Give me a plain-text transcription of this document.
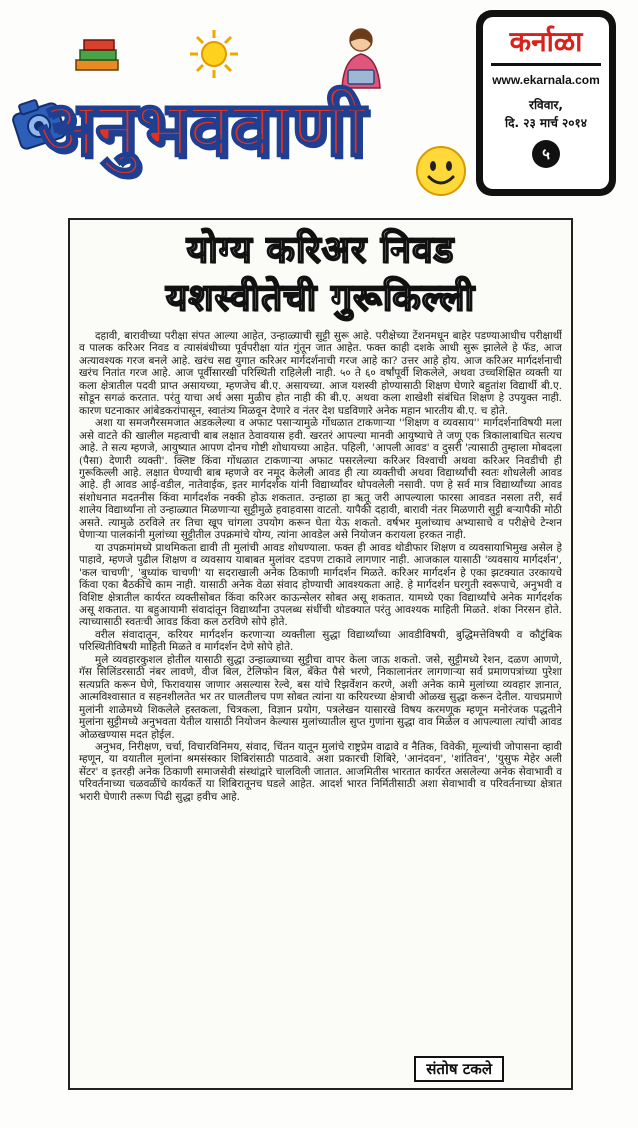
अनुभववाणी
कर्नाळा
www.ekarnala.com
रविवार,
दि. २३ मार्च २०१४
५
योग्य करिअर निवड
यशस्वीतेची गुरूकिल्ली

दहावी, बारावीच्या परीक्षा संपत आल्या आहेत, उन्हाळ्याची सुट्टी सुरू आहे. परीक्षेच्या टेंशनमधून बाहेर पडण्याआधीच परीक्षार्थी व पालक करिअर निवड व त्यासंबंधीच्या पूर्वपरीक्षा यांत गुंतून जात आहेत. फक्त काही दशके आधी सुरू झालेले हे फॅड, आज अत्यावश्यक गरज बनले आहे. खरंच सद्य युगात करिअर मार्गदर्शनाची गरज आहे का? उत्तर आहे होय. आज करिअर मार्गदर्शनाची खरंच नितांत गरज आहे. आज पूर्वीसारखी परिस्थिती राहिलेली नाही. ५० ते ६० वर्षांपूर्वी शिकलेले, अथवा उच्चशिक्षित व्यक्ती या कला क्षेत्रातील पदवी प्राप्त असायच्या, म्हणजेच बी.ए. असायच्या. आज यशस्वी होण्यासाठी शिक्षण घेणारे बहुतांश विद्यार्थी बी.ए. सोडून सगळं करतात. परंतु याचा अर्थ असा मुळीच होत नाही की बी.ए. अथवा कला शाखेशी संबंधित शिक्षण हे उपयुक्त नाही. कारण घटनाकार आंबेडकरांपासून, स्वातंत्र्य मिळवून देणारे व नंतर देश घडविणारे अनेक महान भारतीय बी.ए. च होते.

अशा या समजगैरसमजात अडकलेल्या व अफाट पसाऱ्यामुळे गोंधळात टाकणाऱ्या ''शिक्षण व व्यवसाय'' मार्गदर्शनाविषयी मला असे वाटते की खालील महत्वाची बाब लक्षात ठेवावयास हवी. खरतरं आपल्या मानवी आयुष्याचे ते जणू एक त्रिकालाबाधित सत्यच आहे. ते सत्य म्हणजे, आयुष्यात आपण दोनच गोष्टी शोधायच्या आहेत. पहिली, 'आपली आवड' व दुसरी 'त्यासाठी तुम्हाला मोबदला (पैसा) देणारी व्यक्ती'. क्लिष्ट किंवा गोंधळात टाकणाऱ्या अफाट पसरलेल्या करिअर विश्वाची अथवा करिअर निवडीची ही गुरूकिल्ली आहे. लक्षात घेण्याची बाब म्हणजे वर नमूद केलेली आवड ही त्या व्यक्तीची अथवा विद्यार्थ्यांची स्वतः शोधलेली आवड आहे. ही आवड आई-वडील, नातेवाईक, इतर मार्गदर्शक यांनी विद्यार्थ्यांवर थोपवलेली नसावी. पण हे सर्व मात्र विद्यार्थ्यांच्या आवड संशोधनात मदतनीस किंवा मार्गदर्शक नक्की होऊ शकतात. उन्हाळा हा ऋतू जरी आपल्याला फारसा आवडत नसला तरी, सर्व शालेय विद्यार्थ्यांना तो उन्हाळ्यात मिळणाऱ्या सुट्टीमुळे हवाहवासा वाटतो. यापैकी दहावी, बारावी नंतर मिळणारी सुट्टी बऱ्यापैकी मोठी असते. त्यामुळे ठरविले तर तिचा खूप चांगला उपयोग करून घेता येऊ शकतो. वर्षभर मुलांच्याच अभ्यासाचे व परीक्षेचे टेन्शन घेणाऱ्या पालकांनी मुलांच्या सुट्टीतील उपक्रमांचे योग्य, त्यांना आवडेल असे नियोजन करायला हरकत नाही.

या उपक्रमांमध्ये प्राथमिकता द्यावी ती मुलांची आवड शोधण्याला. फक्त ही आवड थोडीफार शिक्षण व व्यवसायाभिमुख असेल हे पाहावे, म्हणजे पुढील शिक्षण व व्यवसाय याबाबत मुलांवर दडपण टाकावे लागणार नाही. आजकाल यासाठी 'व्यवसाय मार्गदर्शन', 'कल चाचणी', 'बुध्यांक चाचणी' या सदराखाली अनेक ठिकाणी मार्गदर्शन मिळते. करिअर मार्गदर्शन हे एका झटक्यात उरकायचे किंवा एका बैठकीचे काम नाही. यासाठी अनेक वेळा संवाद होण्याची आवश्यकता आहे. हे मार्गदर्शन घरगुती स्वरूपाचे, अनुभवी व विशिष्ट क्षेत्रातील कार्यरत व्यक्तीसोबत किंवा करिअर काऊन्सेलर सोबत असू शकतात. यामध्ये एका विद्यार्थ्यांचे अनेक मार्गदर्शक असू शकतात. या बहुआयामी संवादांतून विद्यार्थ्यांना उपलब्ध संधींची थोडक्यात परंतु आवश्यक माहिती मिळते. शंका निरसन होते. त्याच्यासाठी स्वतःची आवड किंवा कल ठरविणे सोपे होते.

वरील संवादातून, करियर मार्गदर्शन करणाऱ्या व्यक्तीला सुद्धा विद्यार्थ्यांच्या आवडीविषयी, बुद्धिमत्तेविषयी व कौटुंबिक परिस्थितीविषयी माहिती मिळते व मार्गदर्शन देणे सोपे होते.

मुले व्यवहारकुशल होतील यासाठी सुद्धा उन्हाळ्याच्या सुट्टीचा वापर केला जाऊ शकतो. जसे, सुट्टीमध्ये रेशन, दळण आणणे, गॅस सिलिंडरसाठी नंबर लावणे, वीज बिल, टेलिफोन बिल, बँकेत पैसे भरणे, निकालानंतर लागणाऱ्या सर्व प्रमाणपत्रांच्या पुरेशा सत्यप्रति करून घेणे, फिरावयास जाणार असल्यास रेल्वे, बस यांचे रिझर्वेशन करणे, अशी अनेक कामे मुलांच्या व्यवहार ज्ञानात, आत्मविश्वासात व सहनशीलतेत भर तर घालतीलच पण सोबत त्यांना या करियरच्या क्षेत्राची ओळख सुद्धा करून देतील. याचप्रमाणे मुलांनी शाळेमध्ये शिकलेले हस्तकला, चित्रकला, विज्ञान प्रयोग, पत्रलेखन यासारखे विषय करमणूक म्हणून मनोरंजक पद्धतीने मुलांना सुट्टीमध्ये अनुभवता येतील यासाठी नियोजन केल्यास मुलांच्यातील सुप्त गुणांना सुद्धा वाव मिळेल व आपल्याला त्यांची आवड ओळखण्यास मदत होईल.

अनुभव, निरीक्षण, चर्चा, विचारविनिमय, संवाद, चिंतन यातून मुलांचे राष्ट्रप्रेम वाढावे व नैतिक, विवेकी, मूल्यांची जोपासना व्हावी म्हणून, या वयातील मुलांना श्रमसंस्कार शिबिरांसाठी पाठवावे. अशा प्रकारची शिबिरे, 'आनंदवन', 'शांतिवन', 'युसुफ मेहेर अली सेंटर' व इतरही अनेक ठिकाणी समाजसेवी संस्थांद्वारे चालविली जातात. आजमितीस भारतात कार्यरत असलेल्या अनेक सेवाभावी व परिवर्तनाच्या चळवळींचे कार्यकर्ते या शिबिरातूनच घडले आहेत. आदर्श भारत निर्मितीसाठी अशा सेवाभावी व परिवर्तनाच्या क्षेत्रात भरारी घेणारी तरूण पिढी सुद्धा हवीच आहे.

संतोष टकले
